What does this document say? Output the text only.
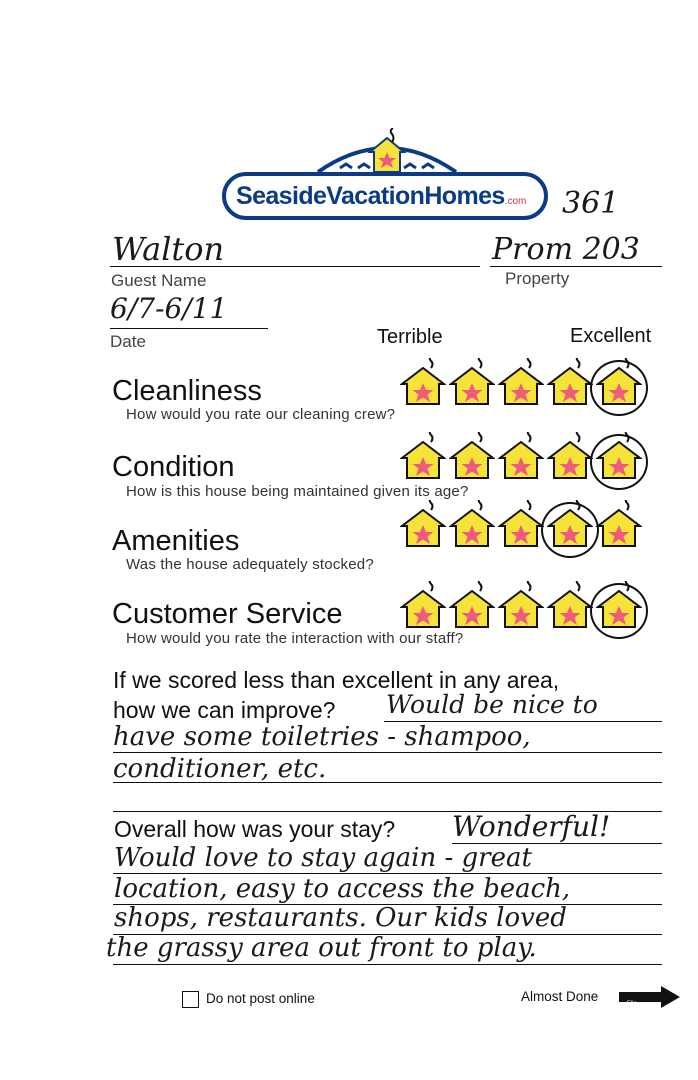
SeasideVacationHomes.com 361
Walton
Guest Name
Prom 203
Property
6/7-6/11
Date	Terrible	Excellent
Cleanliness
How would you rate our cleaning crew?
Condition
How is this house being maintained given its age?
Amenities
Was the house adequately stocked?
Customer Service
How would you rate the interaction with our staff?
If we scored less than excellent in any area,
how we can improve? Would be nice to
have some toiletries - shampoo,
conditioner, etc.
Overall how was your stay? Wonderful!
Would love to stay again - great
location, easy to access the beach,
shops, restaurants. Our kids loved
the grassy area out front to play.
Do not post online	Almost Done	Flip
